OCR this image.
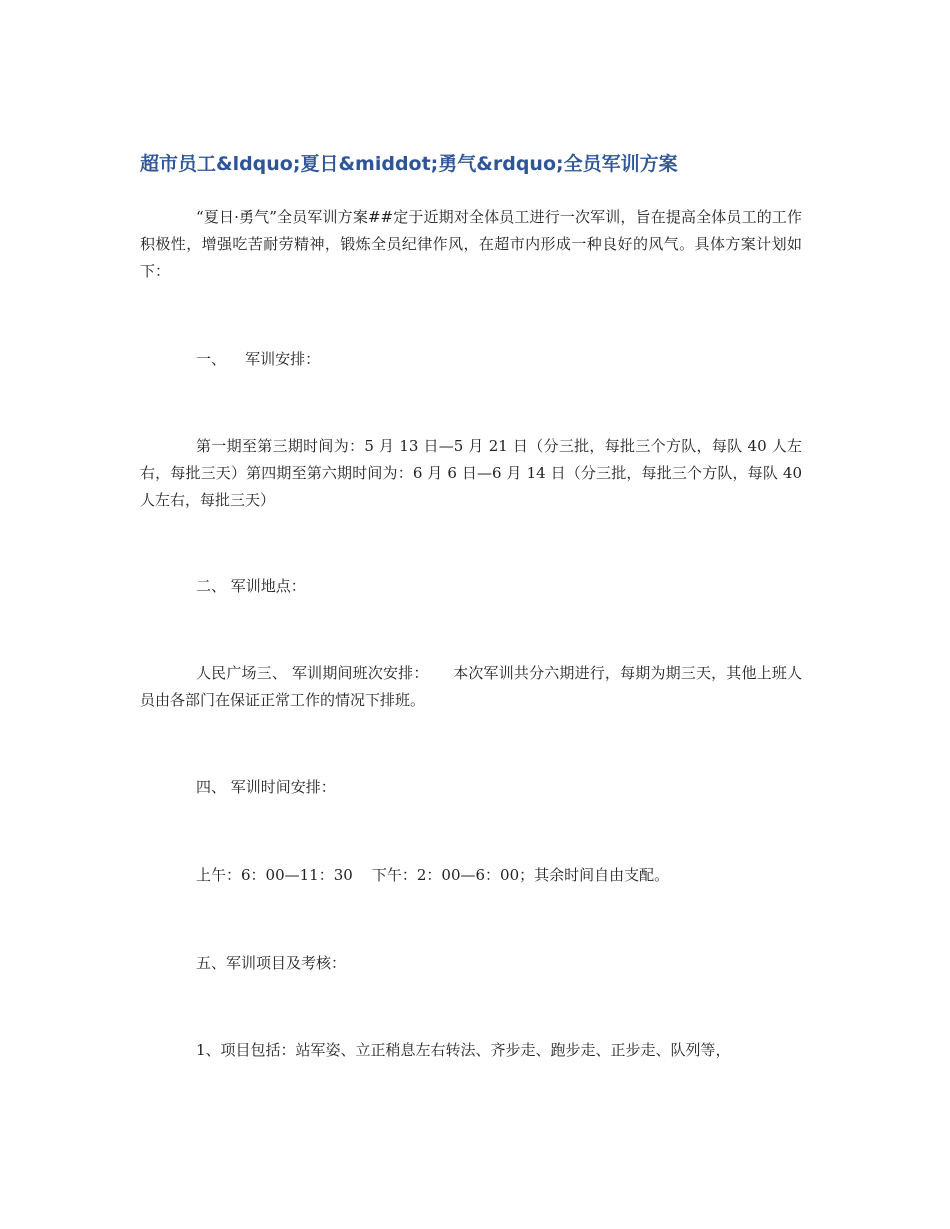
超市员工&ldquo;夏日&middot;勇气&rdquo;全员军训方案
“夏日·勇气”全员军训方案##定于近期对全体员工进行一次军训，旨在提高全体员工的工作积极性，增强吃苦耐劳精神，锻炼全员纪律作风，在超市内形成一种良好的风气。具体方案计划如下：
一、    军训安排：
第一期至第三期时间为：5 月 13 日—5 月 21 日（分三批，每批三个方队，每队 40 人左右，每批三天）第四期至第六期时间为：6 月 6 日—6 月 14 日（分三批，每批三个方队，每队 40 人左右，每批三天）
二、 军训地点：
人民广场三、 军训期间班次安排：     本次军训共分六期进行，每期为期三天，其他上班人员由各部门在保证正常工作的情况下排班。
四、 军训时间安排：
上午：6：00—11：30    下午：2：00—6：00；其余时间自由支配。
五、军训项目及考核：
1、项目包括：站军姿、立正稍息左右转法、齐步走、跑步走、正步走、队列等，
